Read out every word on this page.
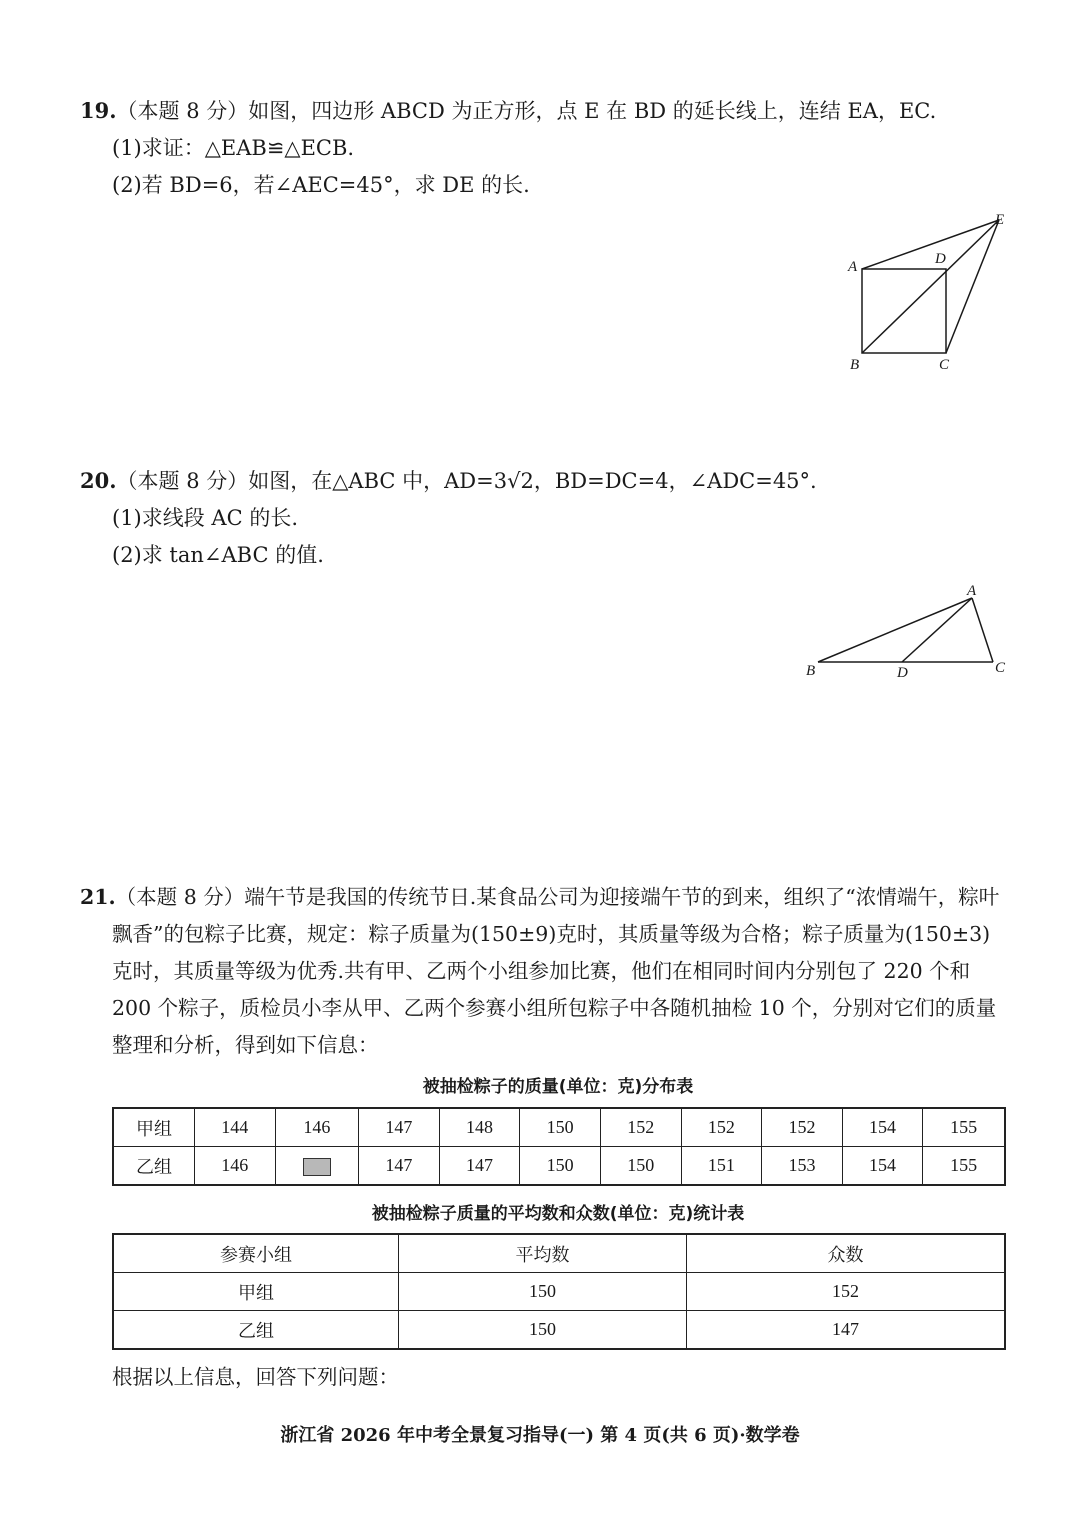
19.（本题 8 分）如图，四边形 ABCD 为正方形，点 E 在 BD 的延长线上，连结 EA，EC.
(1)求证：△EAB≌△ECB.
(2)若 BD=6，若∠AEC=45°，求 DE 的长.
A	D
E
B	C
20.（本题 8 分）如图，在△ABC 中，AD=3√2，BD=DC=4，∠ADC=45°.
(1)求线段 AC 的长.
(2)求 tan∠ABC 的值.
A
B	D	C
21.（本题 8 分）端午节是我国的传统节日.某食品公司为迎接端午节的到来，组织了“浓情端午，粽叶
飘香”的包粽子比赛，规定：粽子质量为(150±9)克时，其质量等级为合格；粽子质量为(150±3)
克时，其质量等级为优秀.共有甲、乙两个小组参加比赛，他们在相同时间内分别包了 220 个和
200 个粽子，质检员小李从甲、乙两个参赛小组所包粽子中各随机抽检 10 个，分别对它们的质量
整理和分析，得到如下信息：
被抽检粽子的质量(单位：克)分布表
甲组	144	146	147	148	150	152	152	152	154	155
乙组	146		147	147	150	150	151	153	154	155
被抽检粽子质量的平均数和众数(单位：克)统计表
参赛小组	平均数	众数
甲组	150	152
乙组	150	147
根据以上信息，回答下列问题：
浙江省 2026 年中考全景复习指导(一) 第 4 页(共 6 页)·数学卷
